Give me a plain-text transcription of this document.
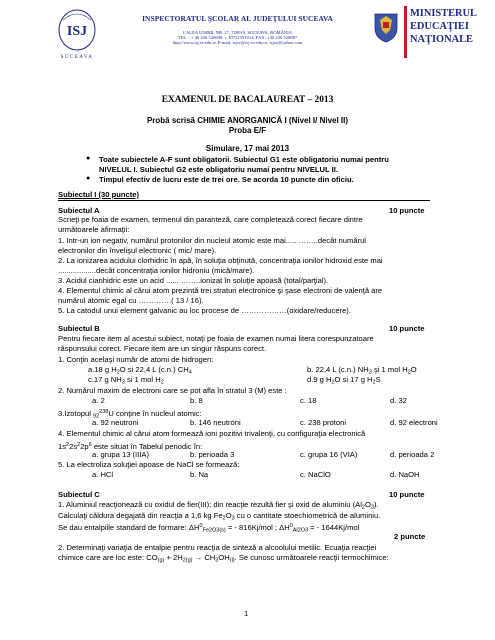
ISJ
SUCEAVA
INSPECTORATUL ŞCOLAR AL JUDEŢULUI SUCEAVA
CALEA UNIRII, NR. 17, 720019, SUCEAVA, ROMÂNIA
TEL. : + 40 230 520698, + 40721331014, FAX: +40 230 520887
http://www.isj.sv.edu.ro E-mail: isjsv@isj.sv.edu.ro, isjsv@yahoo.com
MINISTERUL
EDUCAŢIEI
NAŢIONALE
EXAMENUL DE BACALAUREAT – 2013
Probă scrisă CHIMIE ANORGANICĂ I (Nivel I/ Nivel II)
Proba E/F
Simulare, 17 mai 2013
● Toate subiectele A-F sunt obligatorii. Subiectul G1 este obligatoriu numai pentru
NIVELUL I. Subiectul G2 este obligatoriu numai pentru NIVELUL II.
● Timpul efectiv de lucru este de trei ore. Se acorda 10 puncte din oficiu.
Subiectul I (30 puncte)
Subiectul A	10 puncte
Scrieţi pe foaia de examen, termenul din paranteză, care completează corect fiecare dintre
următoarele afirmaţii:
1. Intr-un ion negativ, numărul protonilor din nucleul atomic este mai..... ……..decât numărul
electronilor din învelişul electronic ( mic/ mare).
2. La ionizarea acidului clorhidric în apă, în soluţia obţinută, concentraţia ionilor hidroxid este mai
..................decât concentraţia ionilor hidroniu (mică/mare).
3. Acidul cianhidric este un acid ...... ……..ionizat în soluţie apoasă (total/parţial).
4. Elementul chimic al cărui atom prezintă trei straturi electronice şi şase electroni de valenţă are
numărul atomic egal cu ………….( 13 / 16).
5. La catodul unui element galvanic au loc procese de ………………(oxidare/reducere).
Subiectul B	10 puncte
Pentru fiecare item al acestui subiect, notaţi pe foaia de examen numai litera corespunzatoare
răspunsului corect. Fiecare item are un singur răspuns corect.
1. Conţin acelaşi număr de atomi de hidrogen:
a.18 g $H_2O$ si 22,4 L (c.n.) $CH_4$	b. 22,4 L (c.n.) $NH_3$ şi 1 mol $H_2O$
c.17 g $NH_3$ si 1 mol $H_2$	d.9 g $H_2O$ si 17 g $H_2S$
2. Numărul maxim de electroni care se pot afla în stratul 3 (M) este :
a. 2	b. 8	c. 18	d. 32
3.Izotopul $_{92}^{238}$U conţine în nucleul atomic:
a. 92 neutroni	b. 146 neutroni	c. 238 protoni	d. 92 electroni
4. Elementul chimic al cărui atom formează ioni pozitivi trivalenţi, cu configuraţia electronică
$1s^22s^22p^6$ este situat în Tabelul periodic în:
a. grupa 13 (IIIA)	b. perioada 3	c. grupa 16 (VIA)	d. perioada 2
5. La electroliza soluţiei apoase de NaCl se formează:
a. HCl	b. Na	c. NaClO	d. NaOH
Subiectul C	10 puncte
1. Aluminiul reacţionează cu oxidul de fier(III); din reacţie rezultă fier şi oxid de aluminiu $(Al_2O_3)$.
Calculaţi căldura degajată din reacţia a 1,6 kg $Fe_2O_3$ cu o cantitate stoechiometrică de aluminiu.
Se dau entalpiile standard de formare: $\Delta H^0_{Fe2O3(s)}$ = - 816Kj/mol ; $\Delta H^0_{Al2O3}$ = - 1644Kj/mol
2 puncte
2. Determinaţi variaţia de entalpie pentru reacţia de sinteză a alcoolului metilic. Ecuaţia reacţiei
chimice care are loc este: $CO_{(g)} + 2H_{2(g)} \to CH_3OH_{(l)}$. Se cunosc următoarele reacţii termochimice:
1
